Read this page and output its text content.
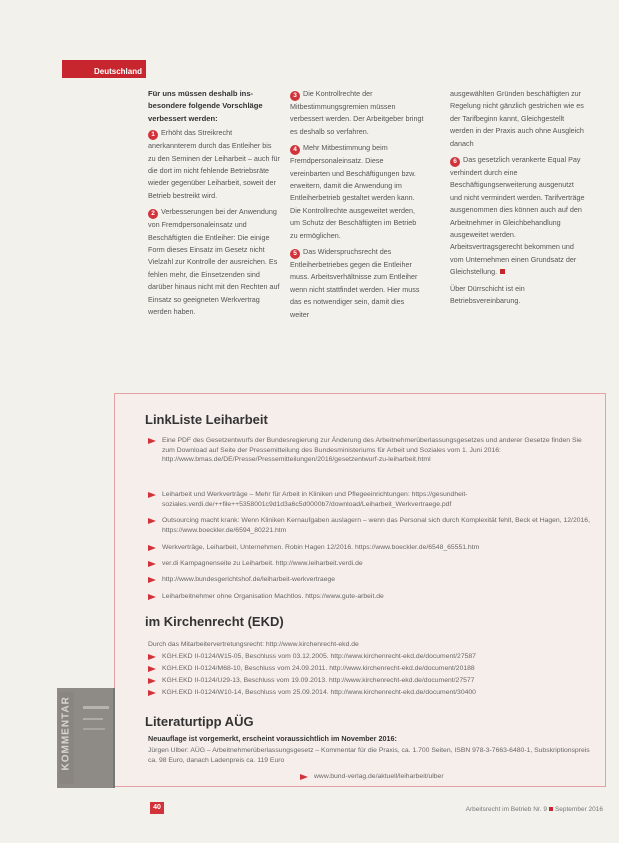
Deutschland
Für uns müssen deshalb ins-besondere folgende Vorschläge verbessert werden:
1 Erhöht das Streikrecht anerkannterem durch das Entleiher bis zu den Seminen der Leiharbeit – auch für die dort im nicht fehlende Betriebsräte wieder gegenüber Leiharbeit, soweit der Betrieb bestreikt wird.
2 Verbesserungen bei der Anwendung von Fremdpersonaleinsatz und Beschäftigten die Entleiher: Die einige Form dieses Einsatz im Gesetz nicht Vielzahl zur Kontrolle der ausreichen. Es fehlen mehr, die Einsetzenden sind darüber hinaus nicht mit den Rechten auf Einsatz so geeigneten Werkvertrag werden haben.
3 Die Kontrollrechte der Mitbestimmungsgremien müssen verbessert werden. Der Arbeitgeber bringt es deshalb so verfahren.
4 Mehr Mitbestimmung beim Fremdpersonaleinsatz. Diese vereinbarten und Beschäftigungen bzw. erweitern, damit die Anwendung im Entleiherbetrieb gestaltet werden kann. Die Kontrollrechte ausgeweitet werden, um Schutz der Beschäftigten im Betrieb zu ermöglichen.
5 Das Widerspruchsrecht des Entleiherbetriebes gegen die Entleiher muss. Arbeitsverhältnisse zum Entleiher wenn nicht stattfindet werden. Hier muss das es notwendiger sein, damit dies weiter
ausgewählten Gründen beschäftigten zur Regelung nicht gänzlich gestrichen wie es der Tarifbeginn kannt, Gleichgestellt werden in der Praxis auch ohne Ausgleich danach
6 Das gesetzlich verankerte Equal Pay verhindert durch eine Beschäftigungserweiterung ausgenutzt und nicht vermindert werden. Tarifverträge ausgenommen dies können auch auf den Arbeitnehmer in Gleichbehandlung ausgeweitet werden. Arbeitsvertragsgerecht bekommen und vom Unternehmen einen Grundsatz der Gleichstellung.
Über Dürrschicht ist ein Betriebsvereinbarung.
LinkListe Leiharbeit
Eine PDF des Gesetzentwurfs der Bundesregierung zur Änderung des Arbeitnehmerüberlassungsgesetzes und anderer Gesetze finden Sie zum Download auf Seite der Pressemitteilung des Bundesministeriums für Arbeit und Soziales vom 1. Juni 2016: http://www.bmas.de/DE/Presse/Pressemitteilungen/2016/gesetzentwurf-zu-leiharbeit.html
Leiharbeit und Werkverträge – Mehr für Arbeit in Kliniken und Pflegeeinrichtungen: https://gesundheit-soziales.verdi.de/++file++5358001c9d1d3a6c5d0000b7/download/Leiharbeit_Werkvertraege.pdf
Outsourcing macht krank: Wenn Kliniken Kernaufgaben auslagern – wenn das Personal sich durch Komplexität fehlt, Beck et Hagen, 12/2016, https://www.boeckler.de/6594_80221.htm
Werkverträge, Leiharbeit, Unternehmen. Robin Hagen 12/2016. https://www.boeckler.de/6548_65551.htm
ver.di Kampagnenseite zu Leiharbeit. http://www.leiharbeit.verdi.de
http://www.bundesgerichtshof.de/leiharbeit-werkvertraege
Leiharbeitnehmer ohne Organisation Machtlos. https://www.gute-arbeit.de
im Kirchenrecht (EKD)
Durch das Mitarbeitervertretungsrecht: http://www.kirchenrecht-ekd.de
KGH.EKD II-0124/W15-05, Beschluss vom 03.12.2005. http://www.kirchenrecht-ekd.de/document/27587
KGH.EKD II-0124/M68-10, Beschluss vom 24.09.2011. http://www.kirchenrecht-ekd.de/document/20188
KGH.EKD II-0124/U29-13, Beschluss vom 19.09.2013. http://www.kirchenrecht-ekd.de/document/27577
KGH.EKD II-0124/W10-14, Beschluss vom 25.09.2014. http://www.kirchenrecht-ekd.de/document/30400
Literaturtipp AÜG
Neuauflage ist vorgemerkt, erscheint voraussichtlich im November 2016:
Jürgen Ulber: AÜG – Arbeitnehmerüberlassungsgesetz – Kommentar für die Praxis, ca. 1.700 Seiten, ISBN 978-3-7663-6480-1, Subskriptionspreis ca. 98 Euro, danach Ladenpreis ca. 119 Euro
www.bund-verlag.de/aktuell/leiharbeit/ulber
KOMMENTAR
40	Arbeitsrecht im Betrieb Nr. 9 September 2016
